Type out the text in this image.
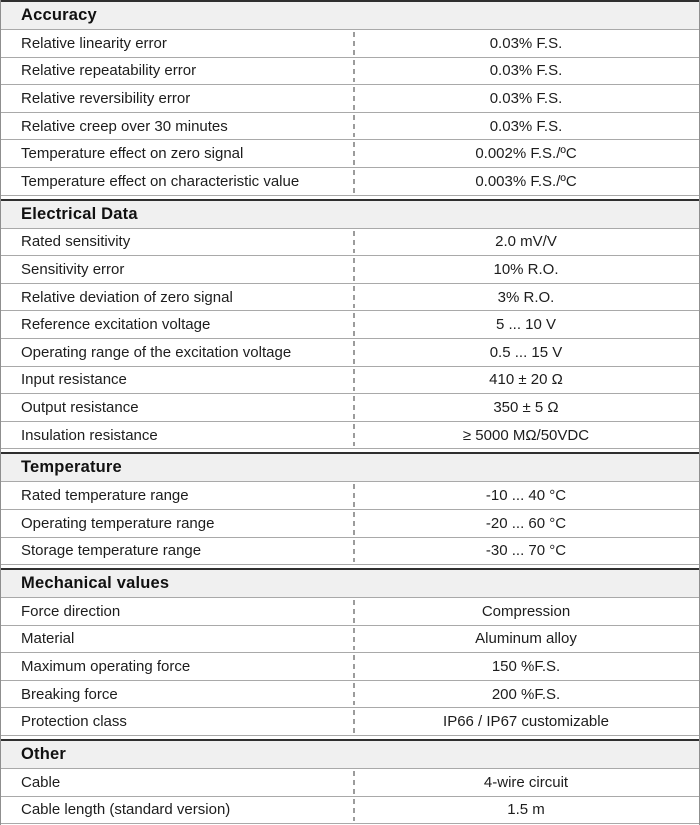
Accuracy
Relative linearity error	0.03% F.S.
Relative repeatability error	0.03% F.S.
Relative reversibility error	0.03% F.S.
Relative creep over 30 minutes	0.03% F.S.
Temperature effect on zero signal	0.002% F.S./ºC
Temperature effect on characteristic value	0.003% F.S./ºC
Electrical Data
Rated sensitivity	2.0 mV/V
Sensitivity error	10% R.O.
Relative deviation of zero signal	3% R.O.
Reference excitation voltage	5 ... 10 V
Operating range of the excitation voltage	0.5 ... 15 V
Input resistance	410 ± 20 Ω
Output resistance	350 ± 5 Ω
Insulation resistance	≥ 5000 MΩ/50VDC
Temperature
Rated temperature range	-10 ... 40 °C
Operating temperature range	-20 ... 60 °C
Storage temperature range	-30 ... 70 °C
Mechanical values
Force direction	Compression
Material	Aluminum alloy
Maximum operating force	150 %F.S.
Breaking force	200 %F.S.
Protection class	IP66 / IP67 customizable
Other
Cable	4-wire circuit
Cable length (standard version)	1.5 m
